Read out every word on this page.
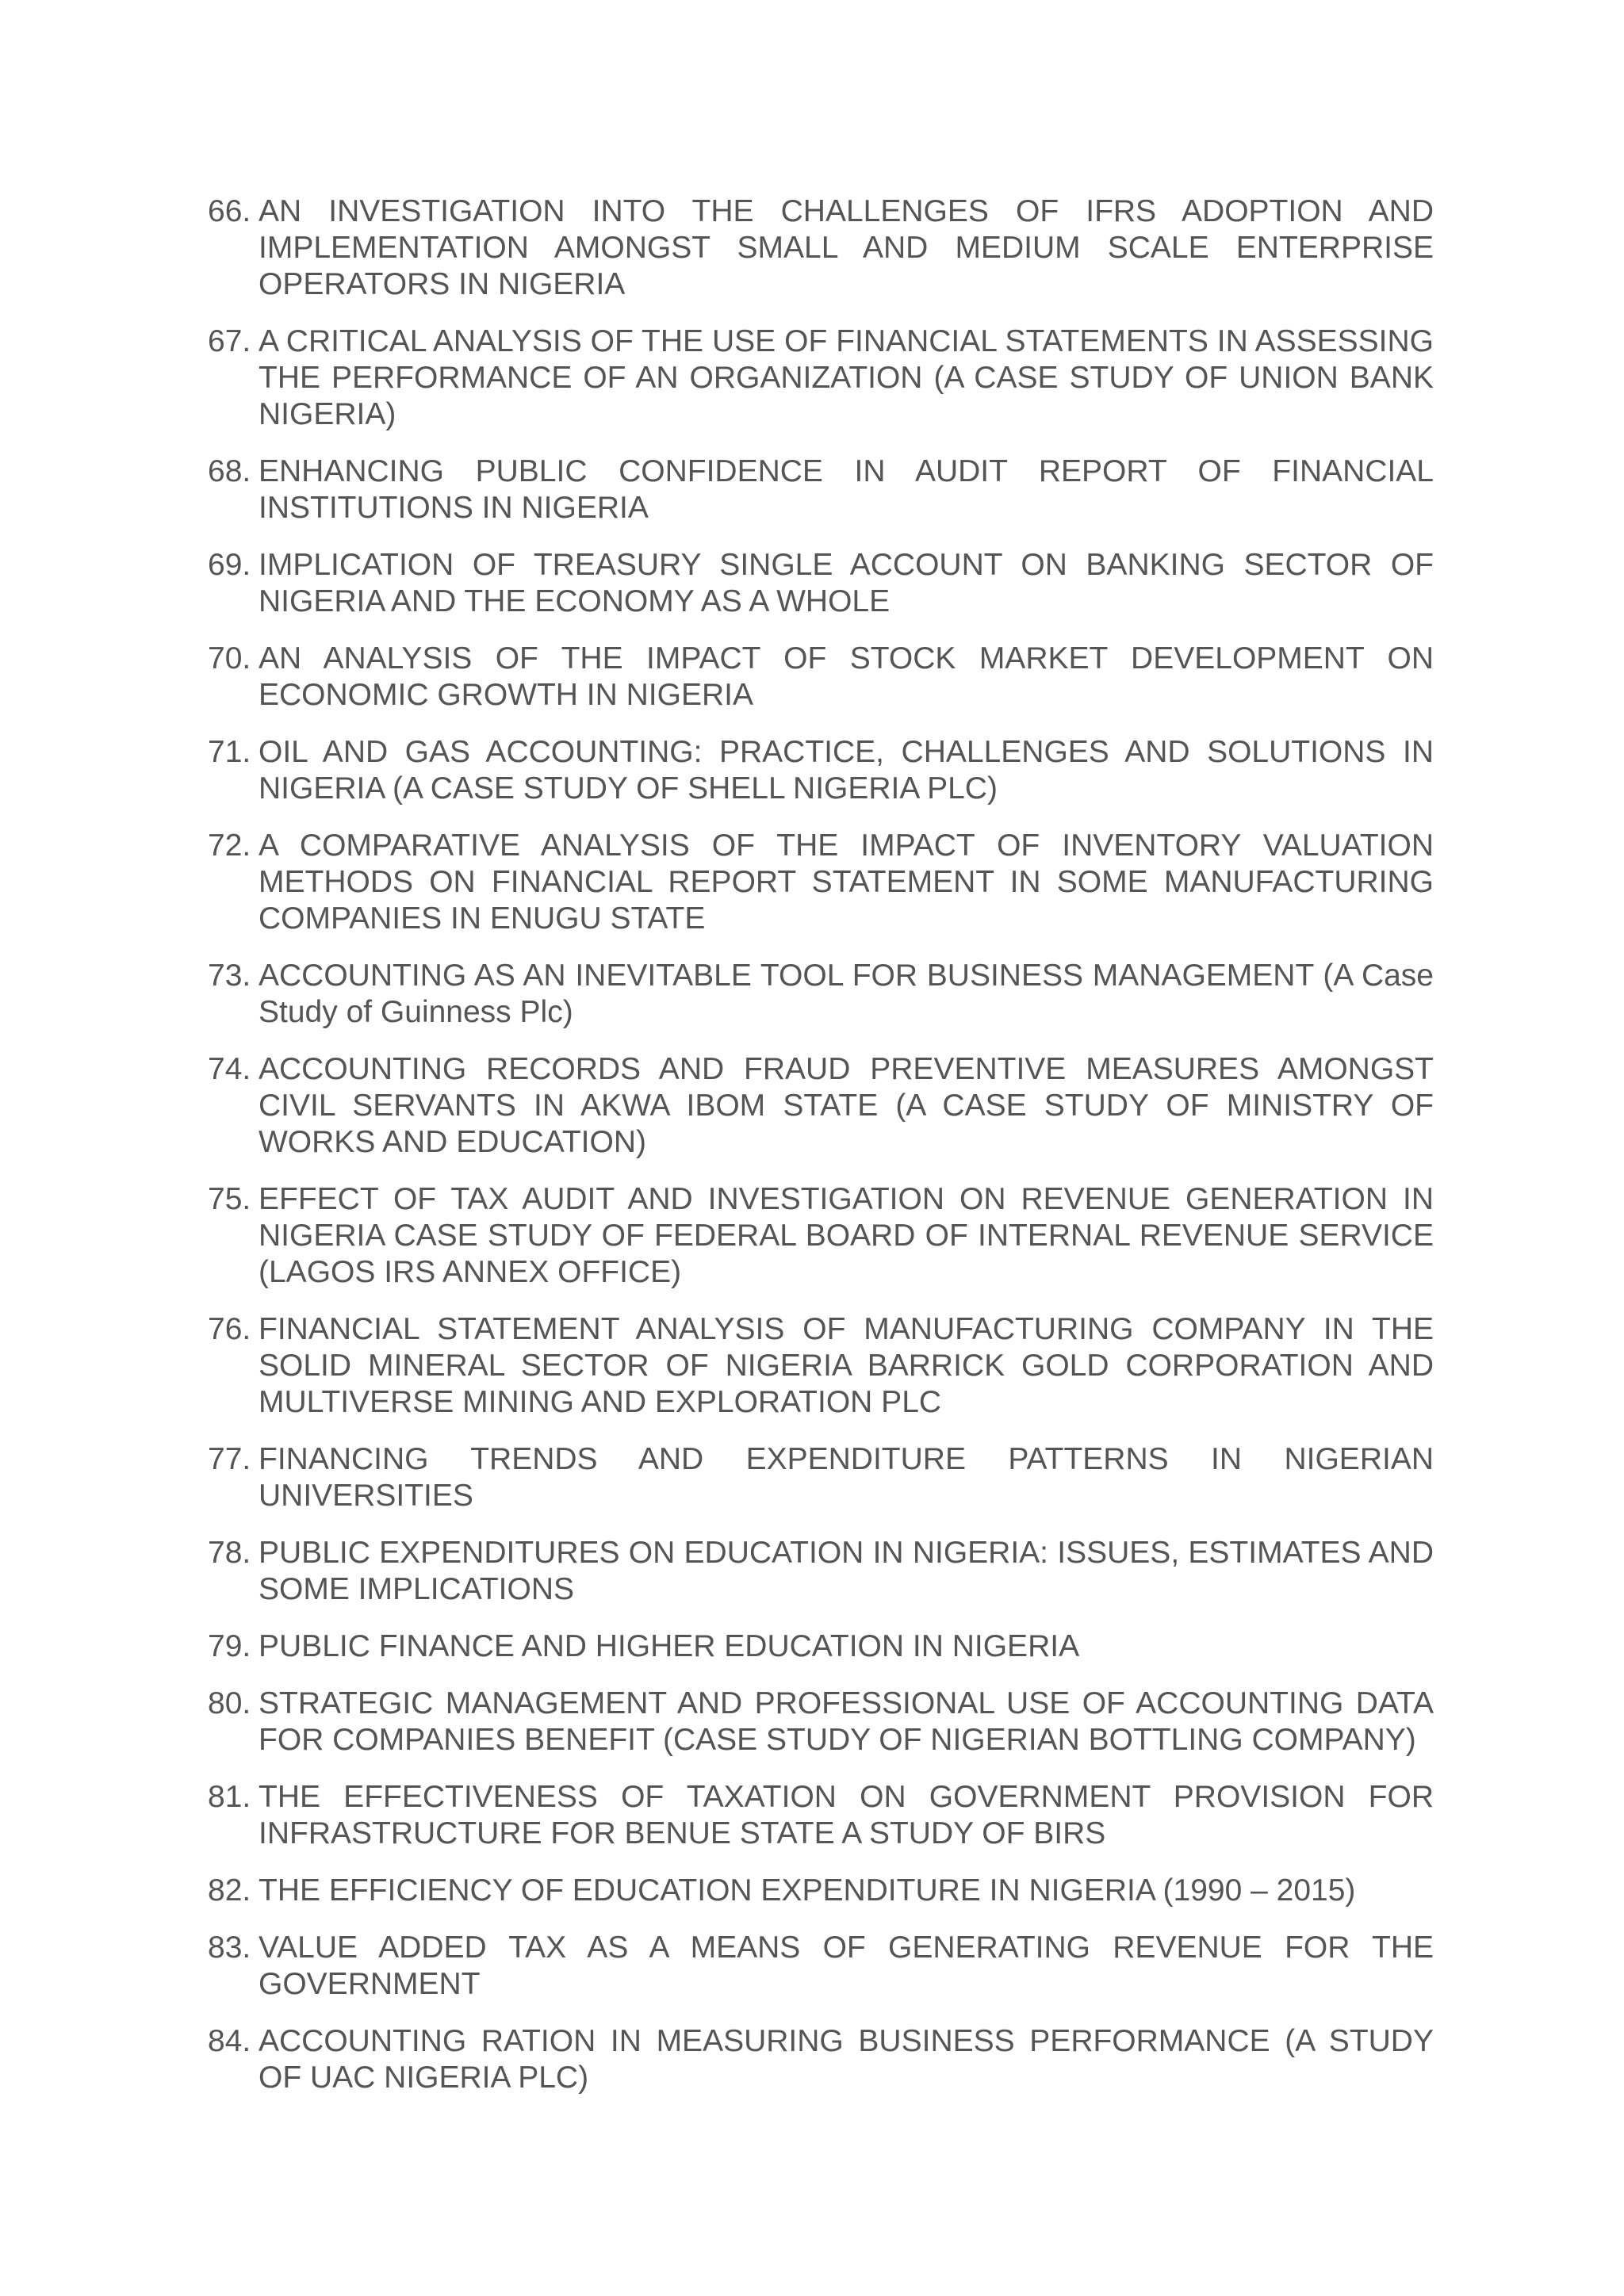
66. AN INVESTIGATION INTO THE CHALLENGES OF IFRS ADOPTION AND IMPLEMENTATION AMONGST SMALL AND MEDIUM SCALE ENTERPRISE OPERATORS IN NIGERIA
67. A CRITICAL ANALYSIS OF THE USE OF FINANCIAL STATEMENTS IN ASSESSING THE PERFORMANCE OF AN ORGANIZATION (A CASE STUDY OF UNION BANK NIGERIA)
68. ENHANCING PUBLIC CONFIDENCE IN AUDIT REPORT OF FINANCIAL INSTITUTIONS IN NIGERIA
69. IMPLICATION OF TREASURY SINGLE ACCOUNT ON BANKING SECTOR OF NIGERIA AND THE ECONOMY AS A WHOLE
70. AN ANALYSIS OF THE IMPACT OF STOCK MARKET DEVELOPMENT ON ECONOMIC GROWTH IN NIGERIA
71. OIL AND GAS ACCOUNTING: PRACTICE, CHALLENGES AND SOLUTIONS IN NIGERIA (A CASE STUDY OF SHELL NIGERIA PLC)
72. A COMPARATIVE ANALYSIS OF THE IMPACT OF INVENTORY VALUATION METHODS ON FINANCIAL REPORT STATEMENT IN SOME MANUFACTURING COMPANIES IN ENUGU STATE
73. ACCOUNTING AS AN INEVITABLE TOOL FOR BUSINESS MANAGEMENT (A Case Study of Guinness Plc)
74. ACCOUNTING RECORDS AND FRAUD PREVENTIVE MEASURES AMONGST CIVIL SERVANTS IN AKWA IBOM STATE (A CASE STUDY OF MINISTRY OF WORKS AND EDUCATION)
75. EFFECT OF TAX AUDIT AND INVESTIGATION ON REVENUE GENERATION IN NIGERIA CASE STUDY OF FEDERAL BOARD OF INTERNAL REVENUE SERVICE (LAGOS IRS ANNEX OFFICE)
76. FINANCIAL STATEMENT ANALYSIS OF MANUFACTURING COMPANY IN THE SOLID MINERAL SECTOR OF NIGERIA BARRICK GOLD CORPORATION AND MULTIVERSE MINING AND EXPLORATION PLC
77. FINANCING TRENDS AND EXPENDITURE PATTERNS IN NIGERIAN UNIVERSITIES
78. PUBLIC EXPENDITURES ON EDUCATION IN NIGERIA: ISSUES, ESTIMATES AND SOME IMPLICATIONS
79. PUBLIC FINANCE AND HIGHER EDUCATION IN NIGERIA
80. STRATEGIC MANAGEMENT AND PROFESSIONAL USE OF ACCOUNTING DATA FOR COMPANIES BENEFIT (CASE STUDY OF NIGERIAN BOTTLING COMPANY)
81. THE EFFECTIVENESS OF TAXATION ON GOVERNMENT PROVISION FOR INFRASTRUCTURE FOR BENUE STATE A STUDY OF BIRS
82. THE EFFICIENCY OF EDUCATION EXPENDITURE IN NIGERIA (1990 – 2015)
83. VALUE ADDED TAX AS A MEANS OF GENERATING REVENUE FOR THE GOVERNMENT
84. ACCOUNTING RATION IN MEASURING BUSINESS PERFORMANCE (A STUDY OF UAC NIGERIA PLC)
